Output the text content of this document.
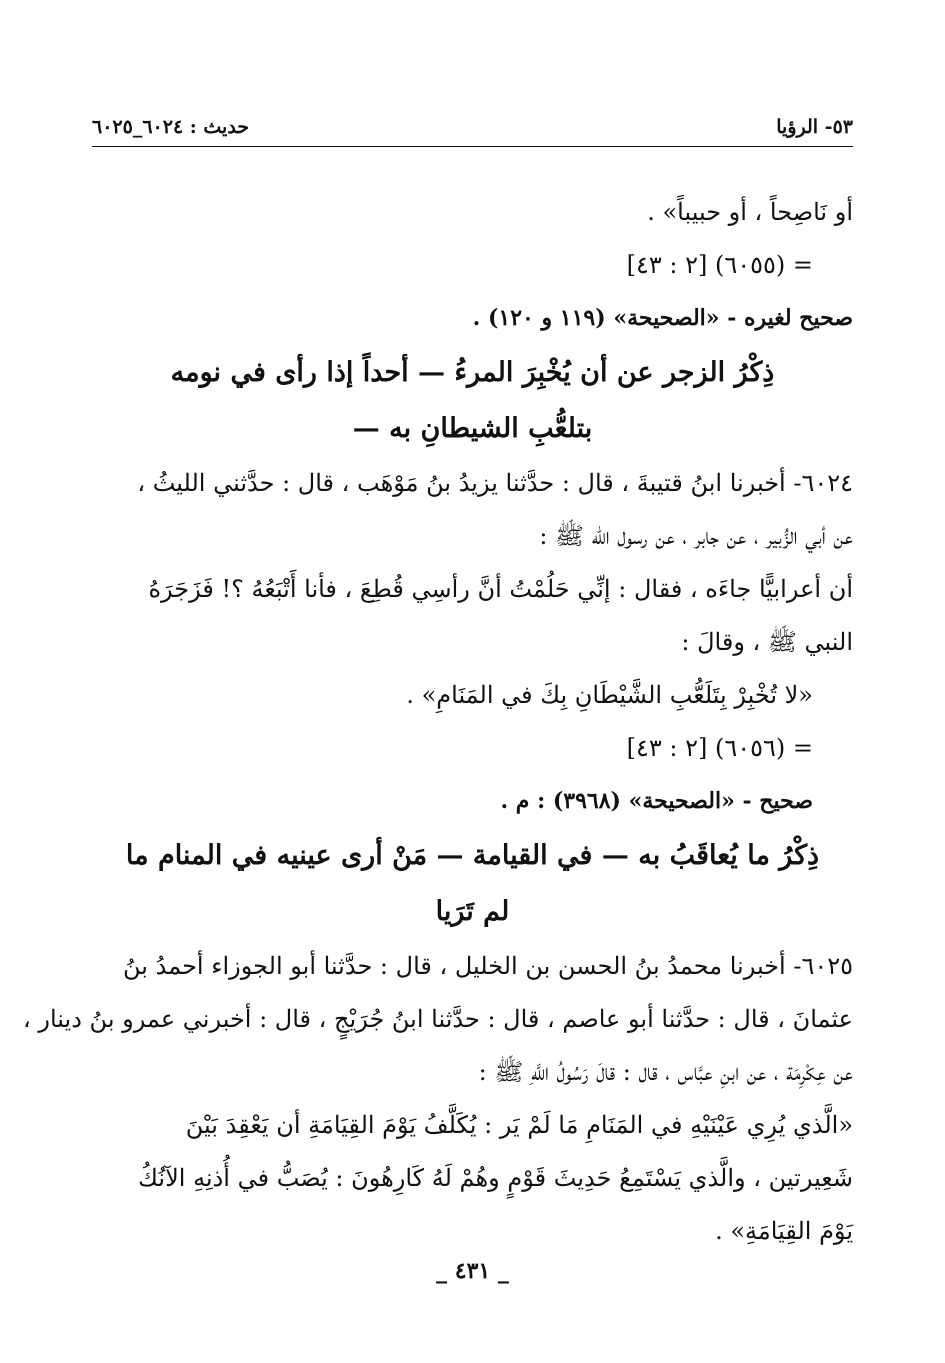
٥٣- الرؤيا
حديث : ٦٠٢٤_٦٠٢٥
أو نَاصِحاً ، أو حبيباً» .
= (٦٠٥٥) [٢ : ٤٣]
صحيح لغيره - «الصحيحة» (١١٩ و ١٢٠) .
ذِكْرُ الزجر عن أن يُخْبِرَ المرءُ — أحداً إذا رأى في نومه
بتلعُّبِ الشيطانِ به —
٦٠٢٤- أخبرنا ابنُ قتيبةَ ، قال : حدَّثنا يزيدُ بنُ مَوْهَب ، قال : حدَّثني الليثُ ،
عن أبي الزُّبير ، عن جابر ، عن رسول الله ﷺ :
أن أعرابيًّا جاءَه ، فقال : إنِّي حَلُمْتُ أنَّ رأسِي قُطِعَ ، فأنا أَتْبَعُهُ ؟! فَزَجَرَهُ
النبي ﷺ ، وقالَ :
«لا تُخْبِرْ بِتَلَعُّبِ الشَّيْطَانِ بِكَ في المَنَامِ» .
= (٦٠٥٦) [٢ : ٤٣]
صحيح - «الصحيحة» (٣٩٦٨) : م .
ذِكْرُ ما يُعاقَبُ به — في القيامة — مَنْ أرى عينيه في المنام ما
لم تَرَيا
٦٠٢٥- أخبرنا محمدُ بنُ الحسن بن الخليل ، قال : حدَّثنا أبو الجوزاء أحمدُ بنُ
عثمانَ ، قال : حدَّثنا أبو عاصم ، قال : حدَّثنا ابنُ جُرَيْجٍ ، قال : أخبرني عمرو بنُ دينار ،
عن عِكْرِمَة ، عن ابنِ عبَّاس ، قال : قالَ رَسُولُ اللَّهِ ﷺ :
«الَّذي يُرِي عَيْنَيْهِ في المَنَامِ مَا لَمْ يَر : يُكَلَّفُ يَوْمَ القِيَامَةِ أن يَعْقِدَ بَيْنَ
شَعِيرتين ، والَّذي يَسْتَمِعُ حَدِيثَ قَوْمٍ وهُمْ لَهُ كَارِهُونَ : يُصَبُّ في أُذنِهِ الآنُكُ
يَوْمَ القِيَامَةِ» .
_ ٤٣١ _
